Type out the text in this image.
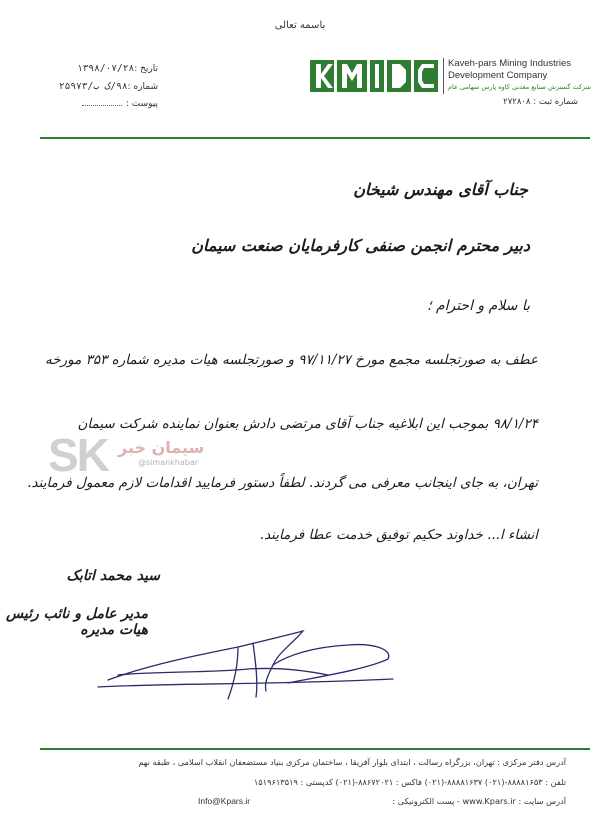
باسمه تعالی
تاریخ :۱۳۹۸/۰۷/۲۸
شماره :۹۸/ک ب/۲۵۹۷۳
پیوست :
Kaveh-pars Mining Industries
Development Company
شرکت گسترش صنایع معدنی کاوه پارس سهامی عام
شماره ثبت : ۲۷۲۸۰۸
جناب آقای مهندس شیخان
دبیر محترم انجمن صنفی کارفرمایان صنعت سیمان
با سلام و احترام ؛
عطف به صورتجلسه مجمع مورخ ۹۷/۱۱/۲۷ و صورتجلسه هیات مدیره شماره ۳۵۳ مورخه
۹۸/۱/۲۴ بموجب این ابلاغیه جناب آقای مرتضی دادش بعنوان نماینده شرکت سیمان
تهران، به جای اینجانب معرفی می گردند. لطفاً دستور فرمایید اقدامات لازم معمول فرمایند.
انشاء ا... خداوند حکیم توفیق خدمت عطا فرمایند.
سید محمد اتابک
مدیر عامل و نائب رئیس هیات مدیره
SK سیمان خبر
@simankhabar
آدرس دفتر مرکزی : تهران، بزرگراه رسالت ، ابتدای بلوار آفریقا ، ساختمان مرکزی بنیاد مستضعفان انقلاب اسلامی ، طبقه نهم
تلفن : ۸۸۸۸۱۶۵۳-(۰۲۱) ۸۸۸۸۱۶۳۷-(۰۲۱) فاکس : ۸۸۶۷۲۰۲۱-(۰۲۱) کدپستی : ۱۵۱۹۶۱۳۵۱۹
آدرس سایت : www.Kpars.ir - پست الکترونیکی :
Info@Kpars.ir
